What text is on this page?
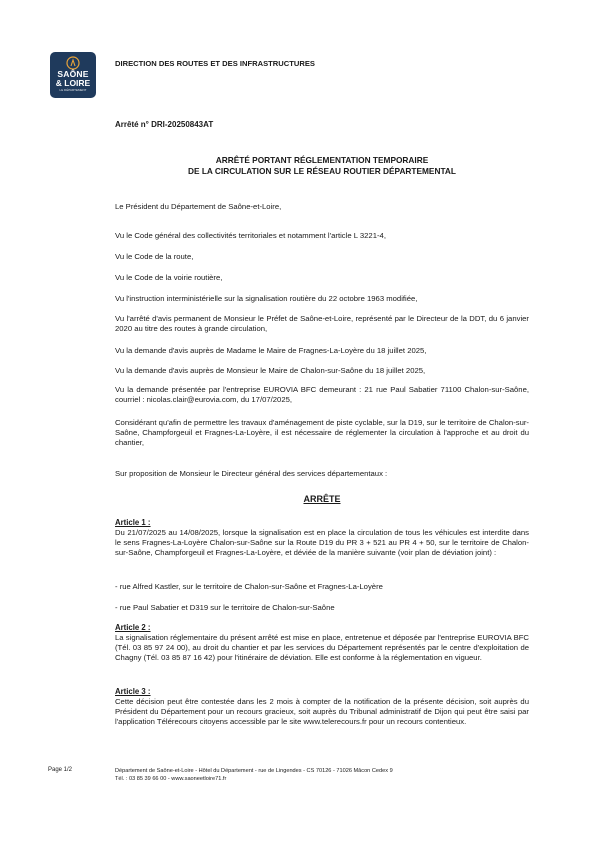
SAÔNE
& LOIRE
LE DÉPARTEMENT
DIRECTION DES ROUTES ET DES INFRASTRUCTURES
Arrêté n° DRI-20250843AT
ARRÊTÉ PORTANT RÉGLEMENTATION TEMPORAIRE
DE LA CIRCULATION SUR LE RÉSEAU ROUTIER DÉPARTEMENTAL

Le Président du Département de Saône-et-Loire,

Vu le Code général des collectivités territoriales et notamment l'article L 3221-4,

Vu le Code de la route,

Vu le Code de la voirie routière,

Vu l'instruction interministérielle sur la signalisation routière du 22 octobre 1963 modifiée,

Vu l'arrêté d'avis permanent de Monsieur le Préfet de Saône-et-Loire, représenté par le Directeur de la DDT, du 6 janvier 2020 au titre des routes à grande circulation,

Vu la demande d'avis auprès de Madame le Maire de Fragnes-La-Loyère du 18 juillet 2025,

Vu la demande d'avis auprès de Monsieur le Maire de Chalon-sur-Saône du 18 juillet 2025,

Vu la demande présentée par l'entreprise EUROVIA BFC demeurant : 21 rue Paul Sabatier 71100 Chalon-sur-Saône, courriel : nicolas.clair@eurovia.com, du 17/07/2025,

Considérant qu'afin de permettre les travaux d'aménagement de piste cyclable, sur la D19, sur le territoire de Chalon-sur-Saône, Champforgeuil et Fragnes-La-Loyère, il est nécessaire de réglementer la circulation à l'approche et au droit du chantier,

Sur proposition de Monsieur le Directeur général des services départementaux :

ARRÊTE
Article 1 :

Du 21/07/2025 au 14/08/2025, lorsque la signalisation est en place la circulation de tous les véhicules est interdite dans le sens Fragnes-La-Loyère Chalon-sur-Saône sur la Route D19 du PR 3 + 521 au PR 4 + 50, sur le territoire de Chalon-sur-Saône, Champforgeuil et Fragnes-La-Loyère, et déviée de la manière suivante (voir plan de déviation joint) :

- rue Alfred Kastler, sur le territoire de Chalon-sur-Saône et Fragnes-La-Loyère

- rue Paul Sabatier et D319 sur le territoire de Chalon-sur-Saône

Article 2 :

La signalisation réglementaire du présent arrêté est mise en place, entretenue et déposée par l'entreprise EUROVIA BFC (Tél. 03 85 97 24 00), au droit du chantier et par les services du Département représentés par le centre d'exploitation de Chagny (Tél. 03 85 87 16 42) pour l'itinéraire de déviation. Elle est conforme à la réglementation en vigueur.

Article 3 :

Cette décision peut être contestée dans les 2 mois à compter de la notification de la présente décision, soit auprès du Président du Département pour un recours gracieux, soit auprès du Tribunal administratif de Dijon qui peut être saisi par l'application Télérecours citoyens accessible par le site www.telerecours.fr pour un recours contentieux.

Page 1/2	Département de Saône-et-Loire - Hôtel du Département - rue de Lingendes - CS 70126 - 71026 Mâcon Cedex 9
Tél. : 03 85 39 66 00 - www.saoneetloire71.fr
